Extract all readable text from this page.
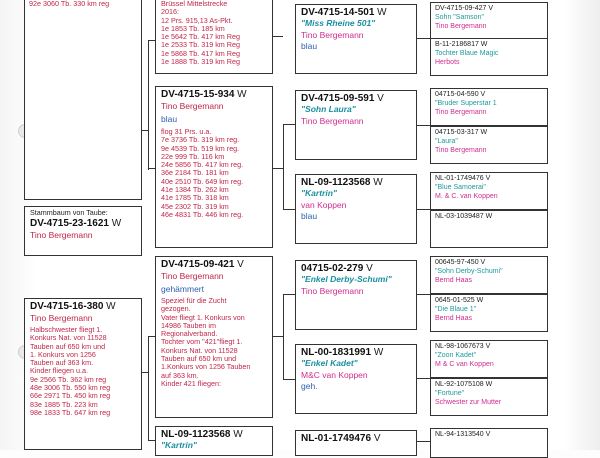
92e 3060 Tb. 330 km reg	Brüssel Mittelstrecke
2016:
12 Prs. 915,13 As-Pkt.
1e 1853 Tb. 185 km
1e 5642 Tb. 417 km Reg
1e 2533 Tb. 319 km Reg
1e 5868 Tb. 417 km Reg
1e 1888 Tb. 319 km Reg
Stammbaum von Taube:
DV-4715-23-1621 W
Tino Bergemann
DV-4715-15-934 W
Tino Bergemann
blau
flog 31 Prs. u.a.
7e 3736 Tb. 319 km reg.
9e 4539 Tb. 519 km reg.
22e 999 Tb. 116 km
24e 5856 Tb. 417 km reg.
36e 2184 Tb. 181 km
40e 2510 Tb. 649 km reg.
41e 1384 Tb. 262 km
41e 1785 Tb. 318 km
45e 2302 Tb. 319 km
46e 4831 Tb. 446 km reg.
DV-4715-16-380 W
Tino Bergemann
Halbschwester fliegt 1.
Konkurs Nat. von 11528
Tauben auf 650 km und
1. Konkurs von 1256
Tauben auf 363 km.
Kinder fliegen u.a.
9e 2566 Tb. 362 km reg
48e 3006 Tb. 550 km reg
66e 2971 Tb. 450 km reg
83e 1885 Tb. 223 km
98e 1833 Tb. 647 km reg
DV-4715-09-421 V
Tino Bergemann
gehämmert
Speziel für die Zucht
gezogen.
Vater fliegt 1. Konkurs von
14986 Tauben im
Regionalverband.
Tochter vom "421"fliegt 1.
Konkurs Nat. von 11528
Tauben auf 650 km und
1.Konkurs von 1256 Tauben
auf 363 km.
Kinder 421 fliegen:
NL-09-1123568 W
"Kartrin"
DV-4715-14-501 W
"Miss Rheine 501"
Tino Bergemann
blau
DV-4715-09-591 V
"Sohn Laura"
Tino Bergemann
NL-09-1123568 W
"Kartrin"
van Koppen
blau
04715-02-279 V
"Enkel Derby-Schumi"
Tino Bergemann
NL-00-1831991 W
"Enkel Kadet"
M&C van Koppen
geh.
NL-01-1749476 V
DV-4715-09-427 V
Sohn "Samson"
Tino Bergemann
B-11-2186817 W
Tochter Blaue Magic
Herbots
04715-04-590 V
"Bruder Superstar 1
Tino Bergemann
04715-03-317 W
"Laura"
Tino Bergemann
NL-01-1749476 V
"Blue Samoerai"
M. & C. van Koppen
NL-03-1039487 W
00645-97-450 V
"Sohn Derby-Schumi"
Bernd Haas
0645-01-525 W
"Die Blaue 1"
Bernd Haas
NL-98-1067673 V
"Zoon Kadet"
M & C van Koppen
NL-92-1075108 W
"Fortune"
Schwester zur Mutter
NL-94-1313540 V
